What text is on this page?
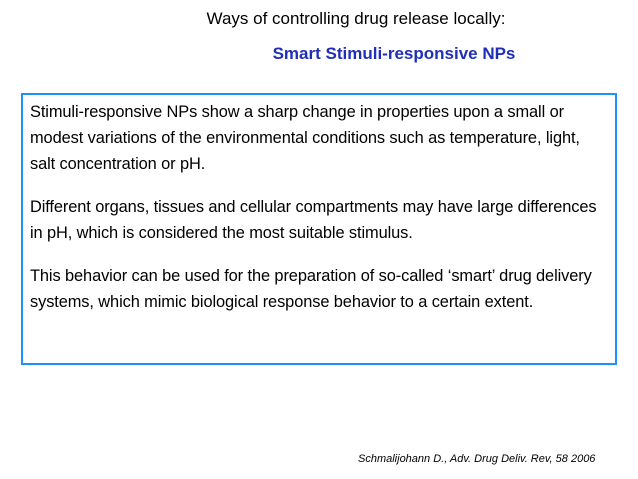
Ways of controlling drug release locally:
Smart Stimuli-responsive NPs

Stimuli-responsive NPs show a sharp change in properties upon a small or modest variations of the environmental conditions such as temperature, light, salt concentration or pH.

Different organs, tissues and cellular compartments may have large differences in pH, which is considered the most suitable stimulus.

This behavior can be used for the preparation of so-called ‘smart’ drug delivery systems, which mimic biological response behavior to a certain extent.

Schmalijohann D., Adv. Drug Deliv. Rev, 58 2006
